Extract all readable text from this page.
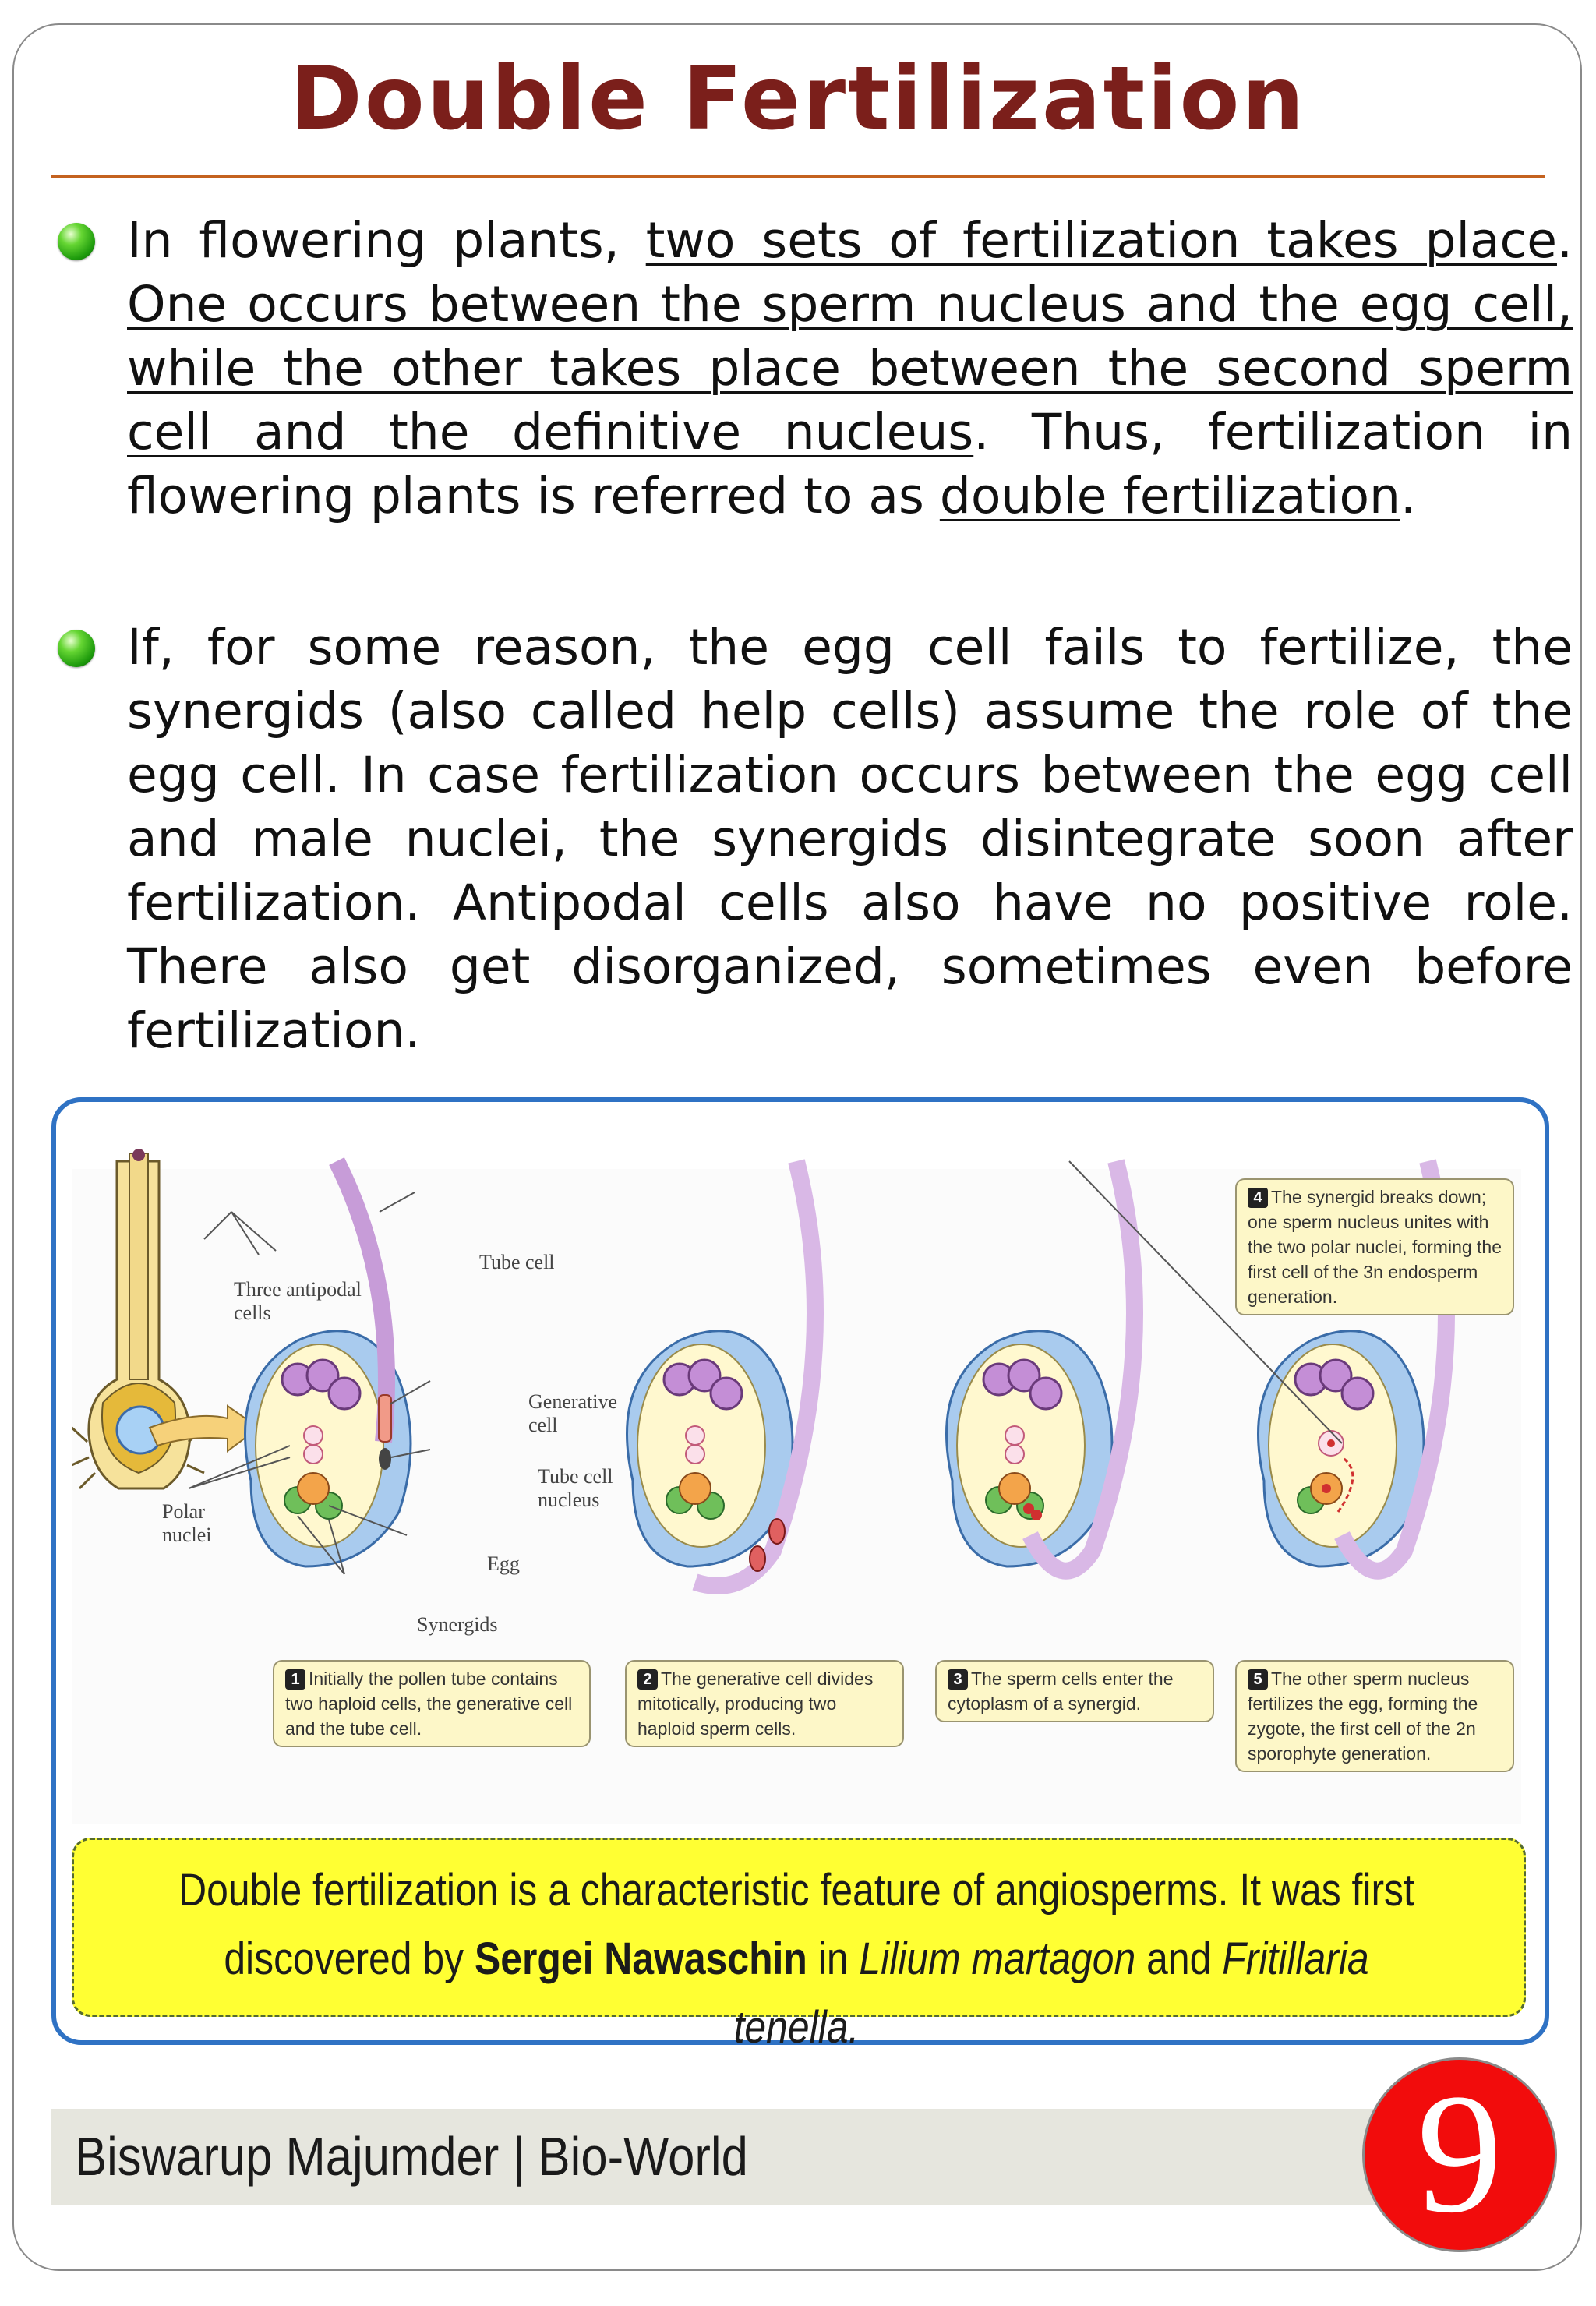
Double Fertilization
In flowering plants, two sets of fertilization takes place. One occurs between the sperm nucleus and the egg cell, while the other takes place between the second sperm cell and the definitive nucleus. Thus, fertilization in flowering plants is referred to as double fertilization.
If, for some reason, the egg cell fails to fertilize, the synergids (also called help cells) assume the role of the egg cell. In case fertilization occurs between the egg cell and male nuclei, the synergids disintegrate soon after fertilization. Antipodal cells also have no positive role. There also get disorganized, sometimes even before fertilization.
Three antipodal cells
Tube cell
Generative cell
Tube cell nucleus
Polar nuclei
Egg
Synergids
1 Initially the pollen tube contains two haploid cells, the generative cell and the tube cell.
2 The generative cell divides mitotically, producing two haploid sperm cells.
3 The sperm cells enter the cytoplasm of a synergid.
4 The synergid breaks down; one sperm nucleus unites with the two polar nuclei, forming the first cell of the 3n endosperm generation.
5 The other sperm nucleus fertilizes the egg, forming the zygote, the first cell of the 2n sporophyte generation.
Double fertilization is a characteristic feature of angiosperms. It was first
discovered by Sergei Nawaschin in Lilium martagon and Fritillaria tenella.
Biswarup Majumder | Bio-World	9
